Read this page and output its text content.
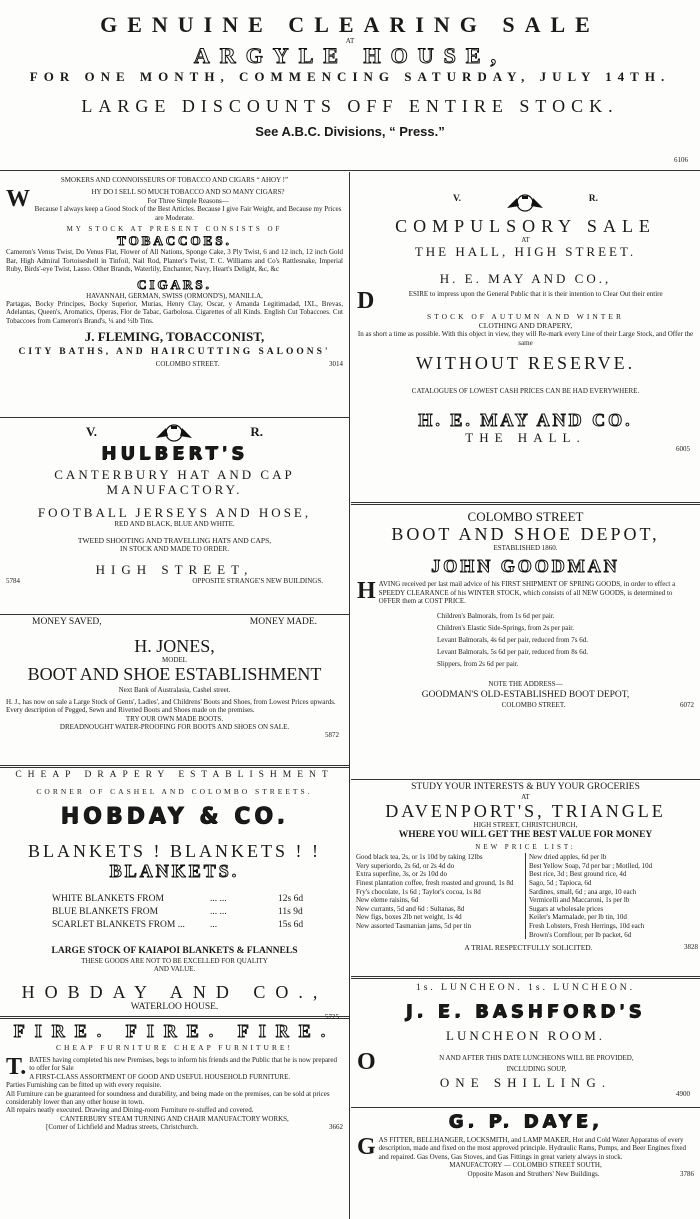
GENUINE CLEARING SALE
AT
ARGYLE HOUSE,
FOR ONE MONTH, COMMENCING SATURDAY, JULY 14TH.
LARGE DISCOUNTS OFF ENTIRE STOCK.
See A.B.C. Divisions, “ Press.”
6106
SMOKERS AND CONNOISSEURS OF TOBACCO AND CIGARS “ AHOY !”
W	HY DO I SELL SO MUCH TOBACCO AND SO MANY CIGARS?
For Three Simple Reasons—
Because I always keep a Good Stock of the Best Articles. Because I give Fair Weight, and Because my Prices are Moderate.
MY STOCK AT PRESENT CONSISTS OF
TOBACCOES.
Cameron's Venus Twist, Do Venus Flat, Flower of All Nations, Sponge Cake, 3 Ply Twist, 6 and 12 inch, 12 inch Gold Bar, High Admiral Tortoiseshell in Tinfoil, Nail Rod, Planter's Twist, T. C. Williams and Co's Rattlesnake, Imperial Ruby, Birds'-eye Twist, Lasso. Other Brands, Waterlily, Enchanter, Navy, Heart's Delight, &c, &c
CIGARS.
HAVANNAH, GERMAN, SWISS (ORMOND'S), MANILLA,
Partagas, Bocky Principes, Bocky Superior, Murias, Henry Clay, Oscar, y Amanda Legitimadad, IXL, Brevas, Adelantas, Queen's, Aromatics, Operas, Flor de Tabac, Garbolosa. Cigarettes of all Kinds. English Cut Tobaccoes. Cut Tobaccoes from Cameron's Brand's, ¼ and ½lb Tins.
J. FLEMING, TOBACCONIST,
CITY BATHS, AND HAIRCUTTING SALOONS'
COLOMBO STREET.	3014
V.	R.
HULBERT'S
CANTERBURY HAT AND CAP
MANUFACTORY.
FOOTBALL JERSEYS AND HOSE,
RED AND BLACK, BLUE AND WHITE.
TWEED SHOOTING AND TRAVELLING HATS AND CAPS,
IN STOCK AND MADE TO ORDER.
HIGH STREET,
5784	OPPOSITE STRANGE'S NEW BUILDINGS.
MONEY SAVED,	MONEY MADE.
H. JONES,
MODEL
BOOT AND SHOE ESTABLISHMENT
Next Bank of Australasia, Cashel street.
H. J., has now on sale a Large Stock of Gents', Ladies', and Childrens' Boots and Shoes, from Lowest Prices upwards.
Every description of Pegged, Sewn and Rivetted Boots and Shoes made on the premises.
TRY OUR OWN MADE BOOTS.
DREADNOUGHT WATER-PROOFING FOR BOOTS AND SHOES ON SALE.
5872
CHEAP DRAPERY ESTABLISHMENT
CORNER OF CASHEL AND COLOMBO STREETS.
HOBDAY & CO.
BLANKETS ! BLANKETS ! !
BLANKETS.
WHITE BLANKETS FROM	... ...	12s 6d
BLUE BLANKETS FROM	... ...	11s 9d
SCARLET BLANKETS FROM ...	...	15s 6d
LARGE STOCK OF KAIAPOI BLANKETS & FLANNELS
THESE GOODS ARE NOT TO BE EXCELLED FOR QUALITY
AND VALUE.
HOBDAY AND CO.,
WATERLOO HOUSE.
5725
FIRE. FIRE. FIRE.
CHEAP FURNITURE CHEAP FURNITURE!
T. BATES having completed his new Premises, begs to inform his friends and the Public that he is now prepared to offer for Sale
A FIRST-CLASS ASSORTMENT OF GOOD AND USEFUL HOUSEHOLD FURNITURE.
Parties Furnishing can be fitted up with every requisite.
All Furniture can be guaranteed for soundness and durability, and being made on the premises, can be sold at prices considerably lower than any other house in town.
All repairs neatly executed. Drawing and Dining-room Furniture re-stuffed and covered.
CANTERBURY STEAM TURNING AND CHAIR MANUFACTORY WORKS,
[Corner of Lichfield and Madras streets, Christchurch.	3662
V.	R.
COMPULSORY SALE
AT
THE HALL, HIGH STREET.
H. E. MAY AND CO.,
D	ESIRE to impress upon the General Public that it is their intention to Clear Out their entire
STOCK OF AUTUMN AND WINTER
CLOTHING AND DRAPERY,
In as short a time as possible. With this object in view, they will Re-mark every Line of their Large Stock, and Offer the same
WITHOUT RESERVE.
CATALOGUES OF LOWEST CASH PRICES CAN BE HAD EVERYWHERE.
H. E. MAY AND CO.
THE HALL.
6005
COLOMBO STREET
BOOT AND SHOE DEPOT,
ESTABLISHED 1860.
JOHN GOODMAN
H AVING received per last mail advice of his FIRST SHIPMENT OF SPRING GOODS, in order to effect a SPEEDY CLEARANCE of his WINTER STOCK, which consists of all NEW GOODS, is determined to OFFER them at COST PRICE.
Children's Balmorals, from 1s 6d per pair.
Children's Elastic Side-Springs, from 2s per pair.
Levant Balmorals, 4s 6d per pair, reduced from 7s 6d.
Levant Balmorals, 5s 6d per pair, reduced from 8s 6d.
Slippers, from 2s 6d per pair.
NOTE THE ADDRESS—
GOODMAN'S OLD-ESTABLISHED BOOT DEPOT,
COLOMBO STREET.	6072
STUDY YOUR INTERESTS & BUY YOUR GROCERIES
AT
DAVENPORT'S, TRIANGLE
HIGH STREET, CHRISTCHURCH,
WHERE YOU WILL GET THE BEST VALUE FOR MONEY
NEW PRICE LIST:
Good black tea, 2s, or 1s 10d by taking 12lbs
Very superiordo, 2s 6d, or 2s 4d do
Extra superfine, 3s, or 2s 10d do
Finest plantation coffee, fresh roasted and ground, 1s 8d
Fry's chocolate, 1s 6d ; Taylor's cocoa, 1s 8d
New eleme raisins, 6d
New currants, 5d and 6d : Sultanas, 8d
New figs, boxes 2lb net weight, 1s 4d
New assorted Tasmanian jams, 5d per tin
New dried apples, 6d per lb
Best Yellow Soap, 7d per bar ; Motlled, 10d
Best rice, 3d ; Best ground rice, 4d
Sago, 5d ; Tapioca, 6d
Sardines, small, 6d ; ana arge, 10 each
Vermicelli and Maccaroni, 1s per lb
Sugars at wholesale prices
Keiler's Marmalade, per lb tin, 10d
Fresh Lobsters, Fresh Herrings, 10d each
Brown's Cornflour, per lb packet, 6d
A TRIAL RESPECTFULLY SOLICITED.	3828
1s. LUNCHEON. 1s. LUNCHEON.
J. E. BASHFORD'S
LUNCHEON ROOM.
O	N AND AFTER THIS DATE LUNCHEONS WILL BE PROVIDED,
INCLUDING SOUP,
ONE SHILLING.
4900
G. P. DAYE,
G AS FITTER, BELLHANGER, LOCKSMITH, and LAMP MAKER, Hot and Cold Water Apparatus of every description, made and fixed on the most approved principle. Hydraulic Rams, Pumps, and Beer Engines fixed and repaired. Gas Ovens, Gas Stoves, and Gas Fittings in great variety always in stock.
MANUFACTORY — COLOMBO STREET SOUTH,
Opposite Mason and Struthers' New Buildings.	3786
